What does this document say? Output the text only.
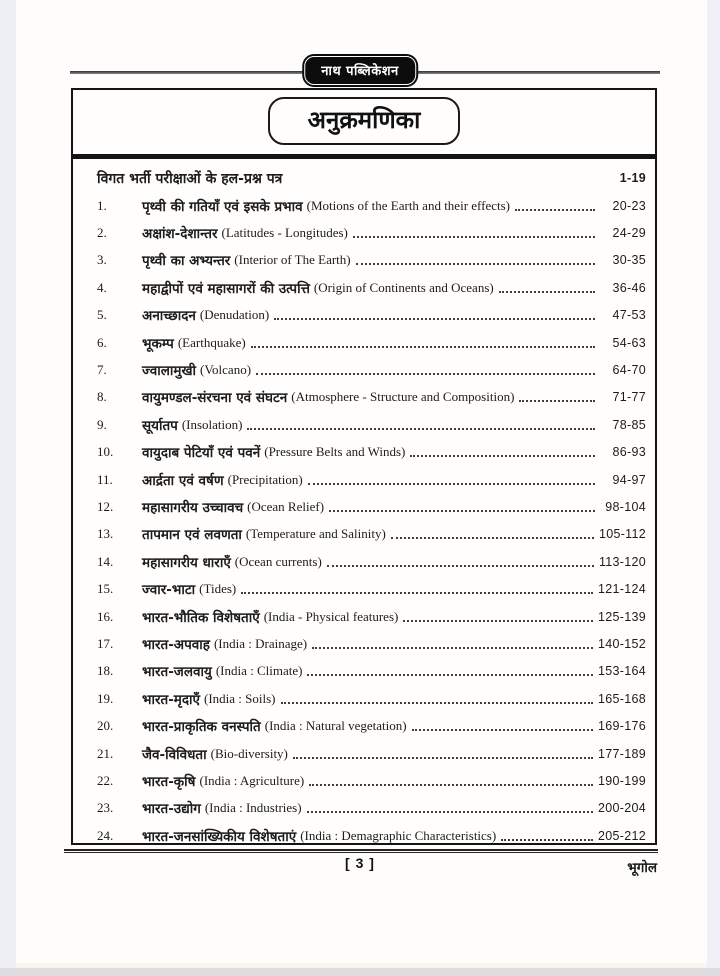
नाथ पब्लिकेशन
अनुक्रमणिका
विगत भर्ती परीक्षाओं के हल-प्रश्न पत्र	1-19
1.	पृथ्वी की गतियाँ एवं इसके प्रभाव (Motions of the Earth and their effects)	20-23
2.	अक्षांश-देशान्तर (Latitudes - Longitudes)	24-29
3.	पृथ्वी का अभ्यन्तर (Interior of The Earth)	30-35
4.	महाद्वीपों एवं महासागरों की उत्पत्ति (Origin of Continents and Oceans)	36-46
5.	अनाच्छादन (Denudation)	47-53
6.	भूकम्प (Earthquake)	54-63
7.	ज्वालामुखी (Volcano)	64-70
8.	वायुमण्डल-संरचना एवं संघटन (Atmosphere - Structure and Composition)	71-77
9.	सूर्यातप (Insolation)	78-85
10.	वायुदाब पेटियाँ एवं पवनें (Pressure Belts and Winds)	86-93
11.	आर्द्रता एवं वर्षण (Precipitation)	94-97
12.	महासागरीय उच्चावच (Ocean Relief)	98-104
13.	तापमान एवं लवणता (Temperature and Salinity)	105-112
14.	महासागरीय धाराएँ (Ocean currents)	113-120
15.	ज्वार-भाटा (Tides)	121-124
16.	भारत-भौतिक विशेषताएँ (India - Physical features)	125-139
17.	भारत-अपवाह (India : Drainage)	140-152
18.	भारत-जलवायु (India : Climate)	153-164
19.	भारत-मृदाएँ (India : Soils)	165-168
20.	भारत-प्राकृतिक वनस्पति (India : Natural vegetation)	169-176
21.	जैव-विविधता (Bio-diversity)	177-189
22.	भारत-कृषि (India : Agriculture)	190-199
23.	भारत-उद्योग (India : Industries)	200-204
24.	भारत-जनसांख्यिकीय विशेषताएं (India : Demagraphic Characteristics)	205-212
[ 3 ]	भूगोल
